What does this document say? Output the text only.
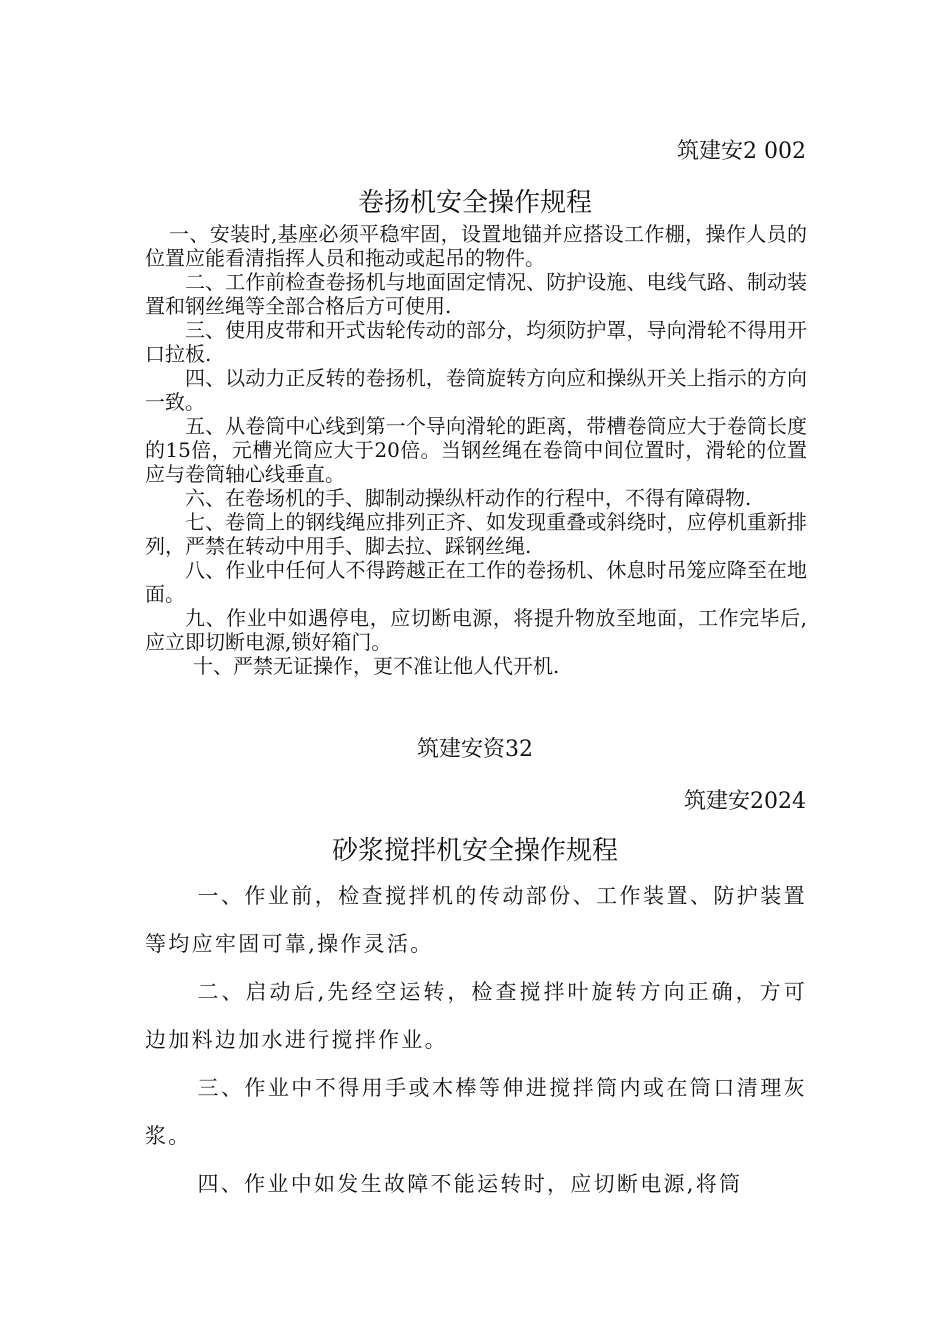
筑建安2 002
卷扬机安全操作规程

一、安装时,基座必须平稳牢固，设置地锚并应搭设工作棚，操作人员的位置应能看清指挥人员和拖动或起吊的物件。

二、工作前检查卷扬机与地面固定情况、防护设施、电线气路、制动装置和钢丝绳等全部合格后方可使用.

三、使用皮带和开式齿轮传动的部分，均须防护罩，导向滑轮不得用开口拉板.

四、以动力正反转的卷扬机，卷筒旋转方向应和操纵开关上指示的方向一致。

五、从卷筒中心线到第一个导向滑轮的距离，带槽卷筒应大于卷筒长度的15倍，元槽光筒应大于20倍。当钢丝绳在卷筒中间位置时，滑轮的位置应与卷筒轴心线垂直。

六、在卷场机的手、脚制动操纵杆动作的行程中，不得有障碍物.

七、卷筒上的钢线绳应排列正齐、如发现重叠或斜绕时，应停机重新排列，严禁在转动中用手、脚去拉、踩钢丝绳.

八、作业中任何人不得跨越正在工作的卷扬机、休息时吊笼应降至在地面。

九、作业中如遇停电，应切断电源，将提升物放至地面，工作完毕后,应立即切断电源,锁好箱门。

十、严禁无证操作，更不准让他人代开机.

筑建安资32
筑建安2024
砂浆搅拌机安全操作规程

一、作业前，检查搅拌机的传动部份、工作装置、防护装置等均应牢固可靠,操作灵活。

二、启动后,先经空运转，检查搅拌叶旋转方向正确，方可边加料边加水进行搅拌作业。

三、作业中不得用手或木棒等伸进搅拌筒内或在筒口清理灰浆。

四、作业中如发生故障不能运转时，应切断电源,将筒
